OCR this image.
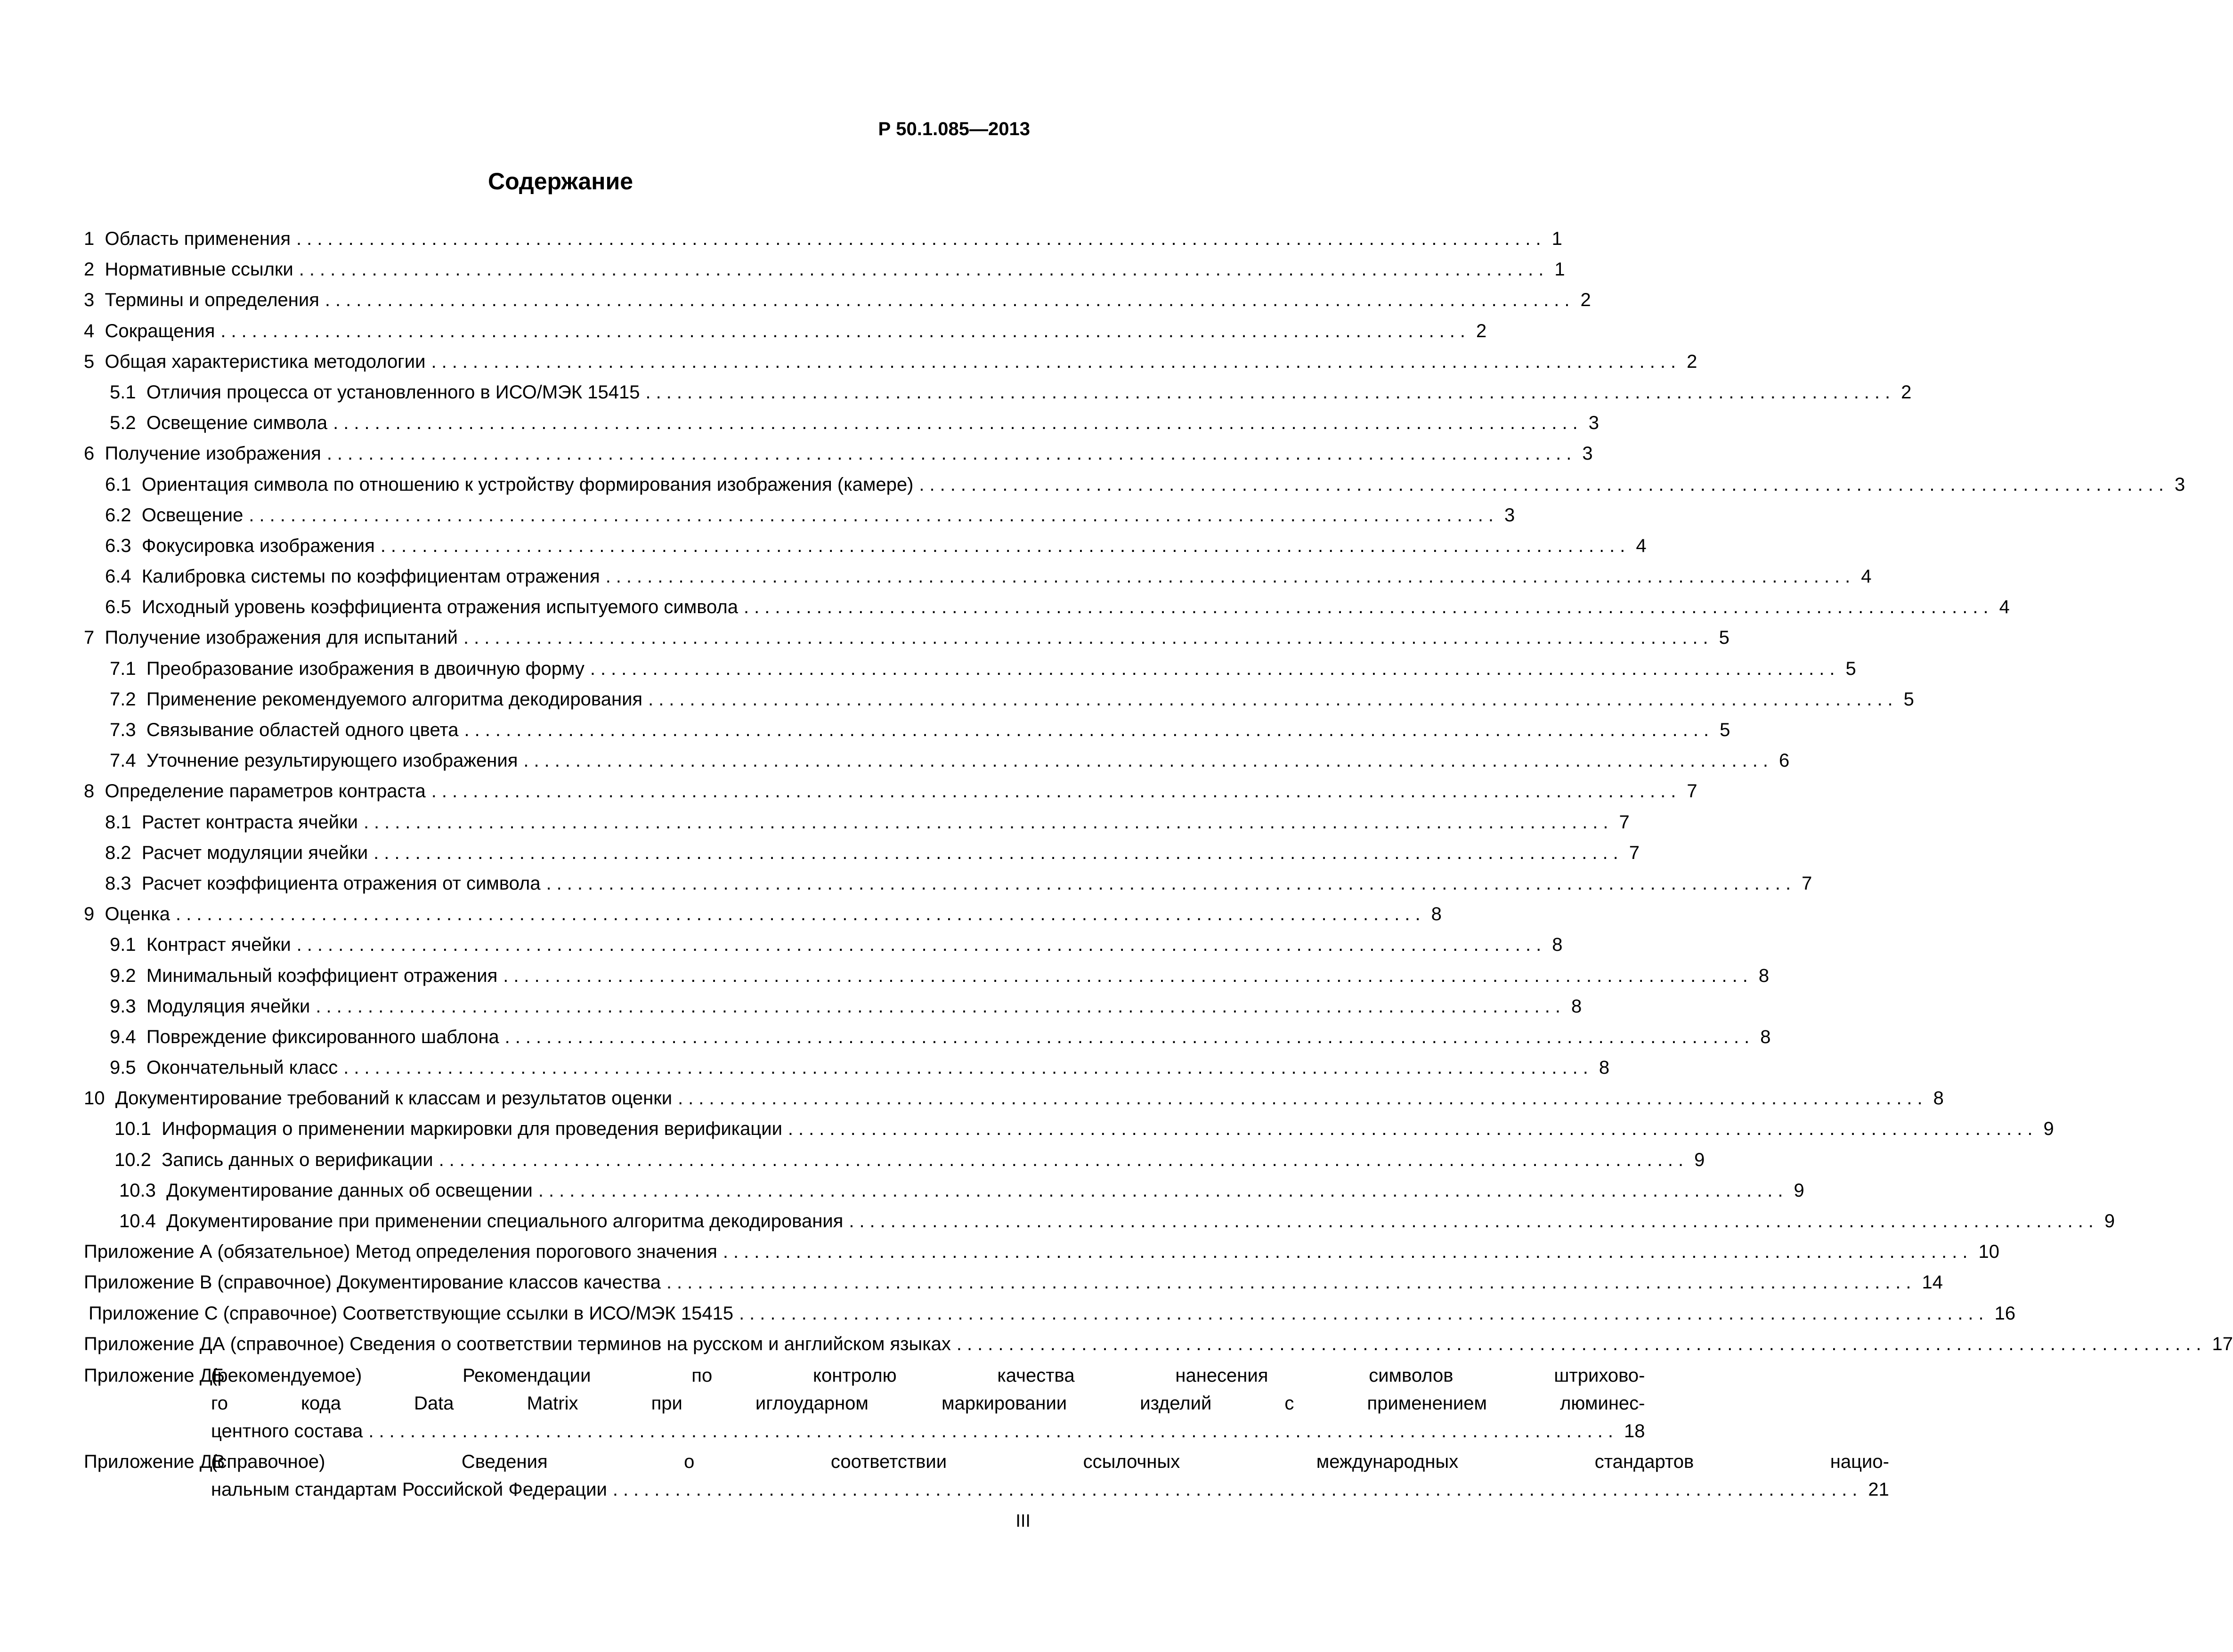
Р 50.1.085—2013
Содержание
1 Область применения ........................................................................................................................ 1
2 Нормативные ссылки ........................................................................................................................ 1
3 Термины и определения ........................................................................................................................ 2
4 Сокращения ........................................................................................................................ 2
5 Общая характеристика методологии ........................................................................................................................ 2
5.1 Отличия процесса от установленного в ИСО/МЭК 15415 ........................................................................................................................ 2
5.2 Освещение символа ........................................................................................................................ 3
6 Получение изображения ........................................................................................................................ 3
6.1 Ориентация символа по отношению к устройству формирования изображения (камере) ........................................................................................................................ 3
6.2 Освещение ........................................................................................................................ 3
6.3 Фокусировка изображения ........................................................................................................................ 4
6.4 Калибровка системы по коэффициентам отражения ........................................................................................................................ 4
6.5 Исходный уровень коэффициента отражения испытуемого символа ........................................................................................................................ 4
7 Получение изображения для испытаний ........................................................................................................................ 5
7.1 Преобразование изображения в двоичную форму ........................................................................................................................ 5
7.2 Применение рекомендуемого алгоритма декодирования ........................................................................................................................ 5
7.3 Связывание областей одного цвета ........................................................................................................................ 5
7.4 Уточнение результирующего изображения ........................................................................................................................ 6
8 Определение параметров контраста ........................................................................................................................ 7
8.1 Растет контраста ячейки ........................................................................................................................ 7
8.2 Расчет модуляции ячейки ........................................................................................................................ 7
8.3 Расчет коэффициента отражения от символа ........................................................................................................................ 7
9 Оценка ........................................................................................................................ 8
9.1 Контраст ячейки ........................................................................................................................ 8
9.2 Минимальный коэффициент отражения ........................................................................................................................ 8
9.3 Модуляция ячейки ........................................................................................................................ 8
9.4 Повреждение фиксированного шаблона ........................................................................................................................ 8
9.5 Окончательный класс ........................................................................................................................ 8
10 Документирование требований к классам и результатов оценки ........................................................................................................................ 8
10.1 Информация о применении маркировки для проведения верификации ........................................................................................................................ 9
10.2 Запись данных о верификации ........................................................................................................................ 9
10.3 Документирование данных об освещении ........................................................................................................................ 9
10.4 Документирование при применении специального алгоритма декодирования ........................................................................................................................ 9
Приложение А (обязательное) Метод определения порогового значения ........................................................................................................................ 10
Приложение В (справочное) Документирование классов качества ........................................................................................................................ 14
Приложение С (справочное) Соответствующие ссылки в ИСО/МЭК 15415 ........................................................................................................................ 16
Приложение ДА (справочное) Сведения о соответствии терминов на русском и английском языках ........................................................................................................................ 17
Приложение ДБ
(рекомендуемое) Рекомендации по контролю качества нанесения символов штрихово-
го кода Data Matrix при иглоударном маркировании изделий с применением люминес-
центного состава ........................................................................................................................ 18
Приложение ДВ
(справочное) Сведения о соответствии ссылочных международных стандартов нацио-
нальным стандартам Российской Федерации ........................................................................................................................ 21
III
